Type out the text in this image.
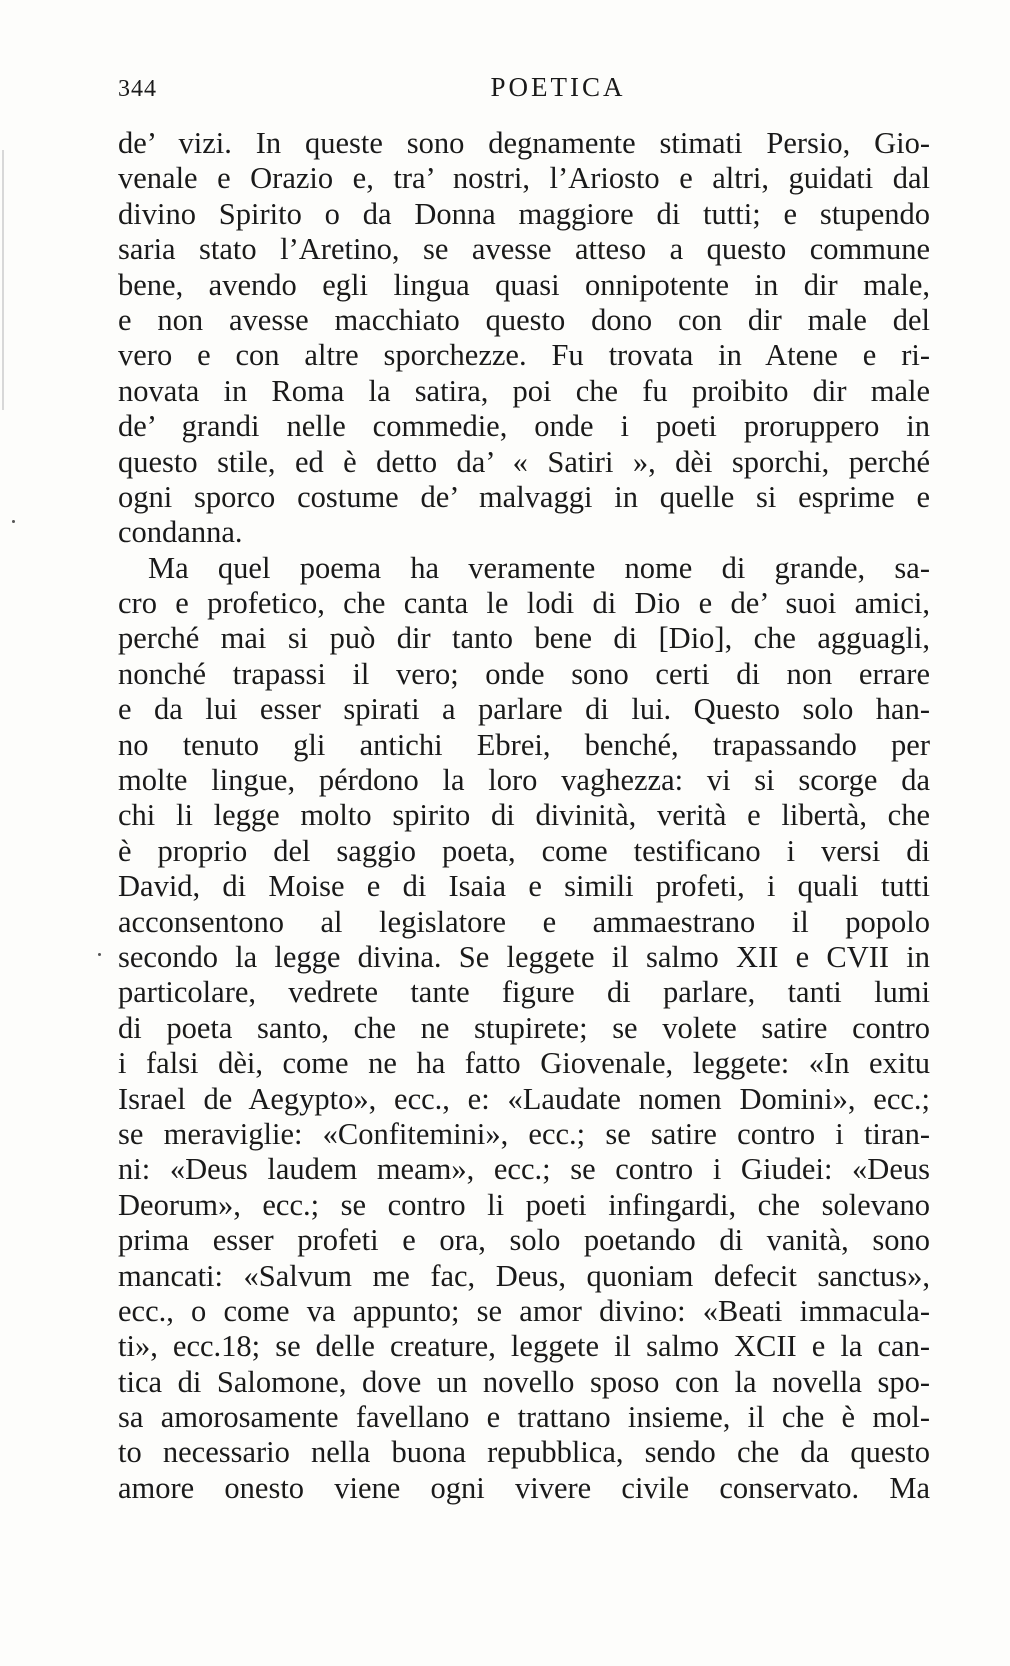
344	POETICA
de’ vizi. In queste sono degnamente stimati Persio, Gio-
venale e Orazio e, tra’ nostri, l’Ariosto e altri, guidati dal
divino Spirito o da Donna maggiore di tutti; e stupendo
saria stato l’Aretino, se avesse atteso a questo commune
bene, avendo egli lingua quasi onnipotente in dir male,
e non avesse macchiato questo dono con dir male del
vero e con altre sporchezze. Fu trovata in Atene e ri-
novata in Roma la satira, poi che fu proibito dir male
de’ grandi nelle commedie, onde i poeti proruppero in
questo stile, ed è detto da’ « Satiri », dèi sporchi, perché
ogni sporco costume de’ malvaggi in quelle si esprime e
condanna.
Ma quel poema ha veramente nome di grande, sa-
cro e profetico, che canta le lodi di Dio e de’ suoi amici,
perché mai si può dir tanto bene di [Dio], che agguagli,
nonché trapassi il vero; onde sono certi di non errare
e da lui esser spirati a parlare di lui. Questo solo han-
no tenuto gli antichi Ebrei, benché, trapassando per
molte lingue, pérdono la loro vaghezza: vi si scorge da
chi li legge molto spirito di divinità, verità e libertà, che
è proprio del saggio poeta, come testificano i versi di
David, di Moise e di Isaia e simili profeti, i quali tutti
acconsentono al legislatore e ammaestrano il popolo
secondo la legge divina. Se leggete il salmo XII e CVII in
particolare, vedrete tante figure di parlare, tanti lumi
di poeta santo, che ne stupirete; se volete satire contro
i falsi dèi, come ne ha fatto Giovenale, leggete: «In exitu
Israel de Aegypto», ecc., e: «Laudate nomen Domini», ecc.;
se meraviglie: «Confitemini», ecc.; se satire contro i tiran-
ni: «Deus laudem meam», ecc.; se contro i Giudei: «Deus
Deorum», ecc.; se contro li poeti infingardi, che solevano
prima esser profeti e ora, solo poetando di vanità, sono
mancati: «Salvum me fac, Deus, quoniam defecit sanctus»,
ecc., o come va appunto; se amor divino: «Beati immacula-
ti», ecc.18; se delle creature, leggete il salmo XCII e la can-
tica di Salomone, dove un novello sposo con la novella spo-
sa amorosamente favellano e trattano insieme, il che è mol-
to necessario nella buona repubblica, sendo che da questo
amore onesto viene ogni vivere civile conservato. Ma
